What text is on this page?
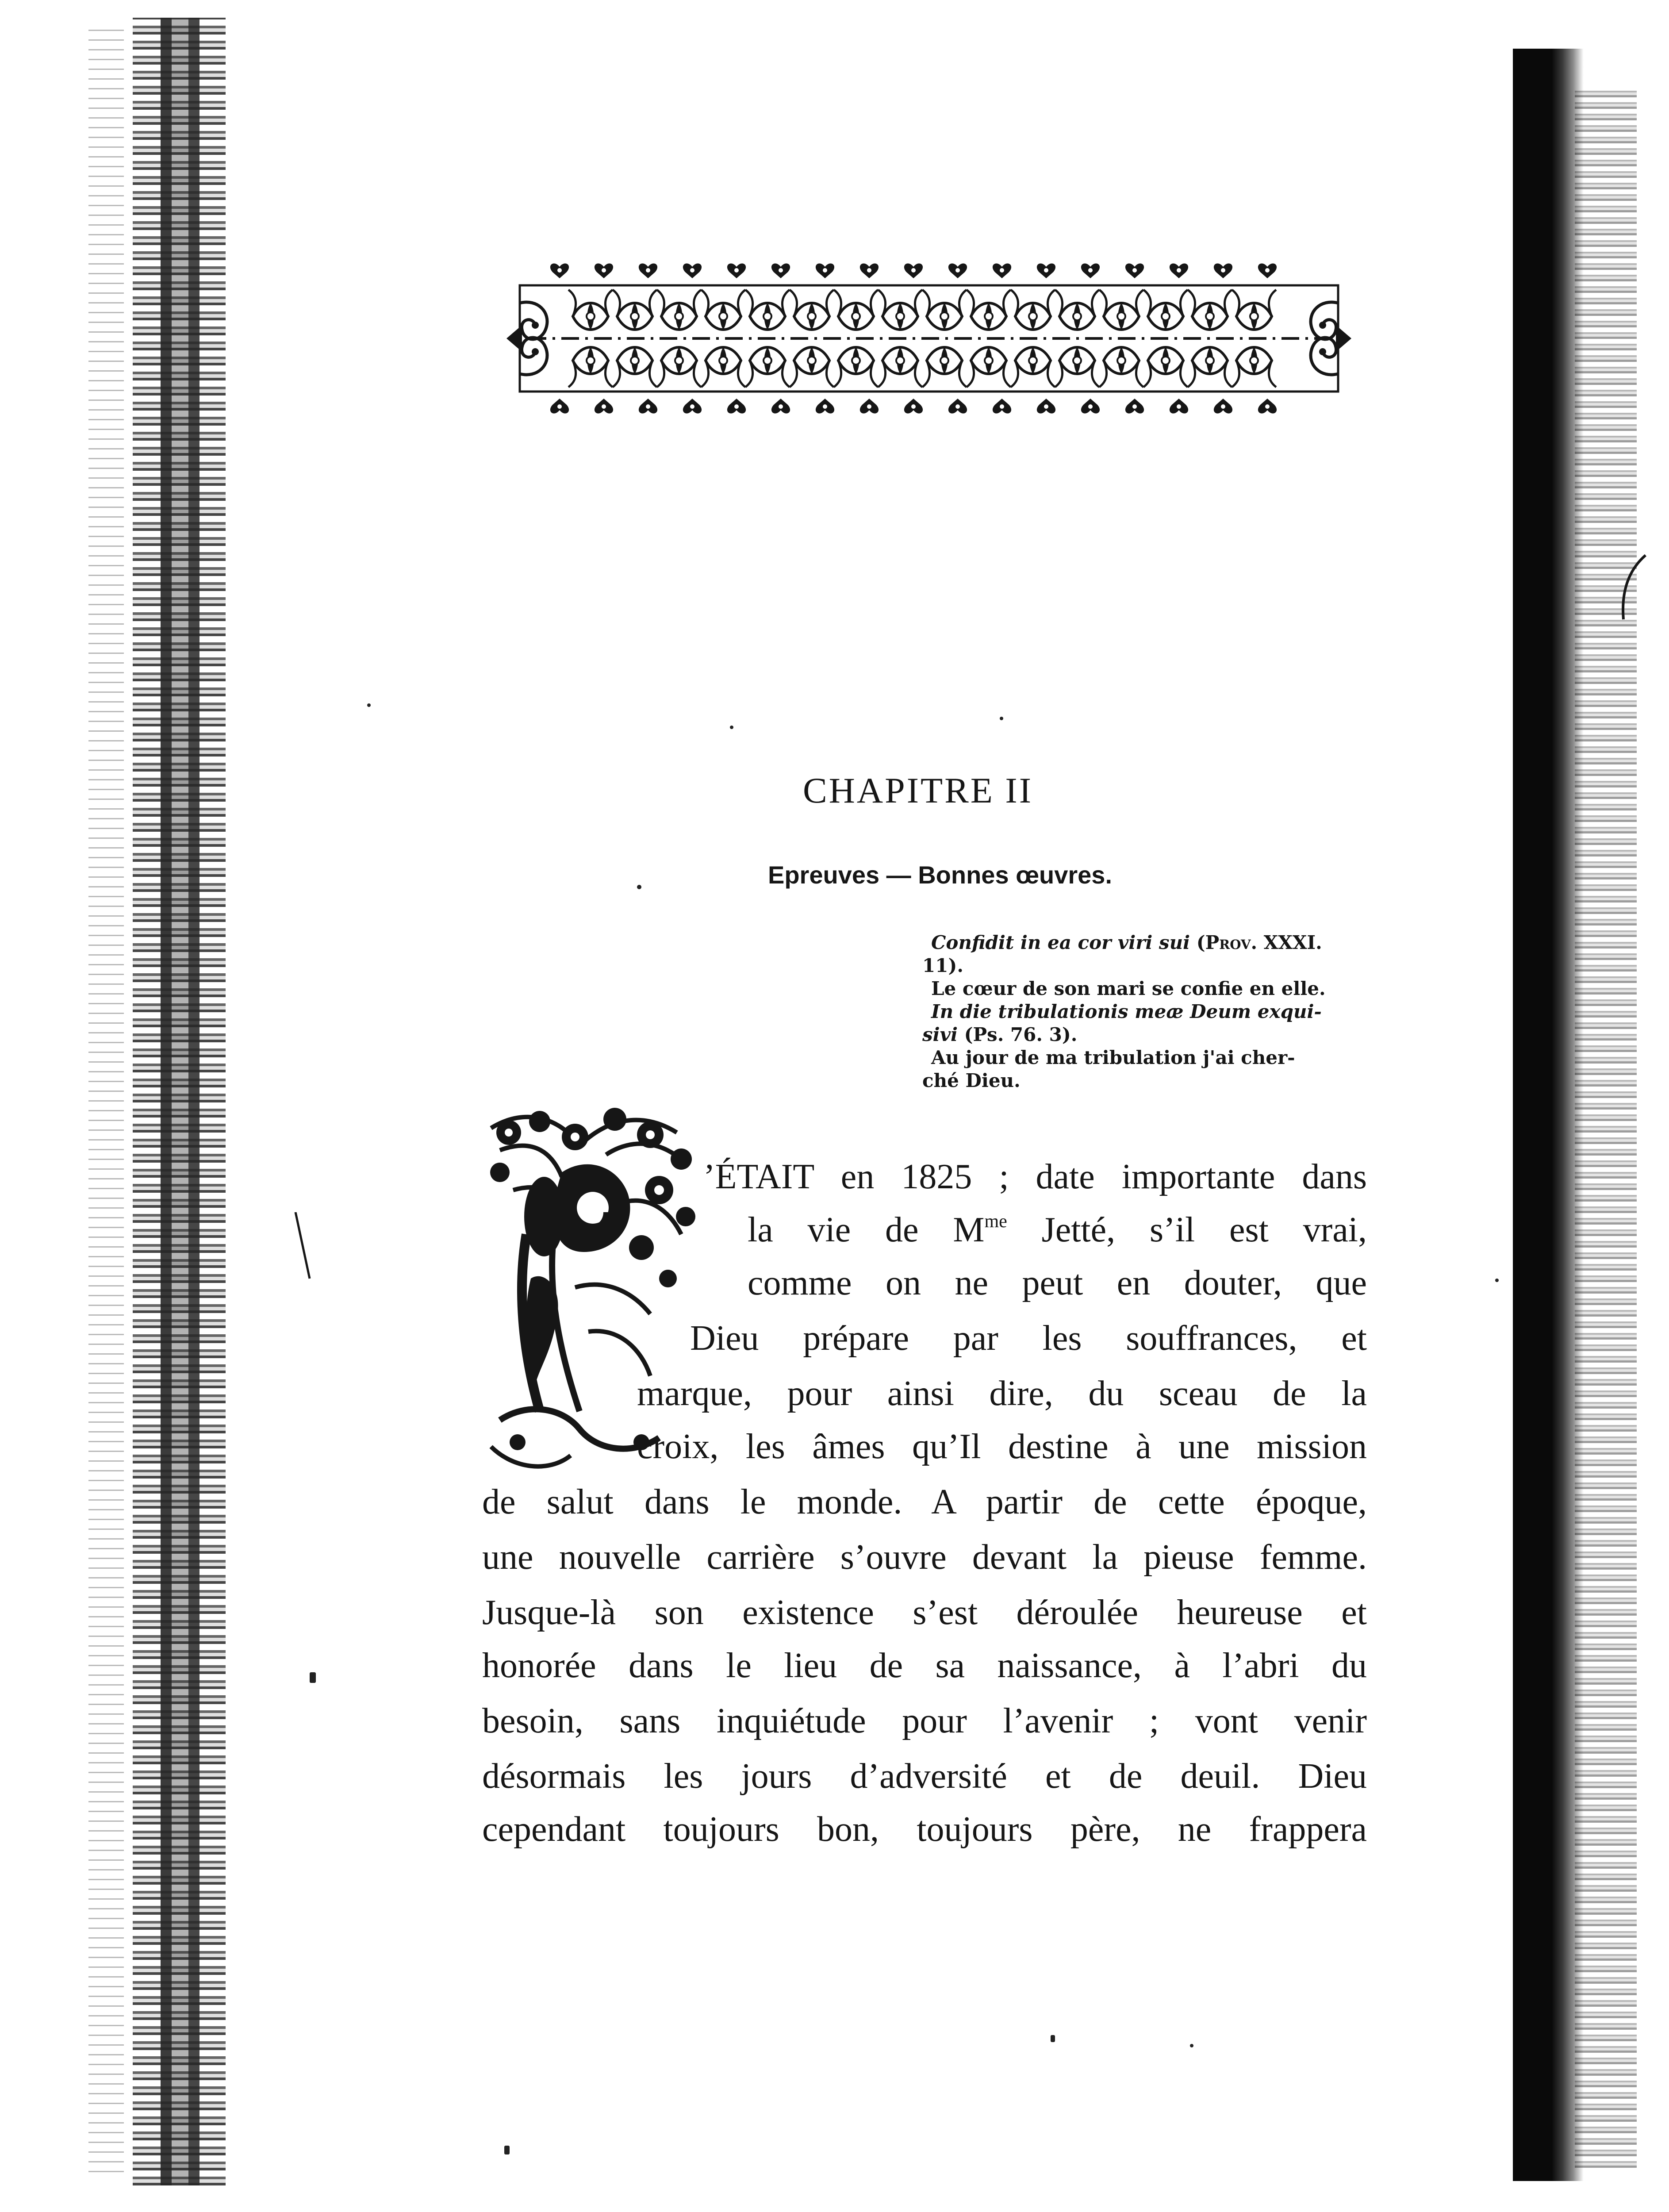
CHAPITRE II
Epreuves — Bonnes œuvres.

Confidit in ea cor viri sui (Prov. XXXI.

11).

Le cœur de son mari se confie en elle.

In die tribulationis meæ Deum exqui-

sivi (Ps. 76. 3).

Au jour de ma tribulation j'ai cher-

ché Dieu.

’ÉTAIT en 1825 ; date importante dans

la vie de $M^{me}$ Jetté, s’il est vrai,

comme on ne peut en douter, que

Dieu prépare par les souffrances, et

marque, pour ainsi dire, du sceau de la

croix, les âmes qu’Il destine à une mission

de salut dans le monde. A partir de cette époque,

une nouvelle carrière s’ouvre devant la pieuse femme.

Jusque-là son existence s’est déroulée heureuse et

honorée dans le lieu de sa naissance, à l’abri du

besoin, sans inquiétude pour l’avenir ; vont venir

désormais les jours d’adversité et de deuil. Dieu

cependant toujours bon, toujours père, ne frappera
